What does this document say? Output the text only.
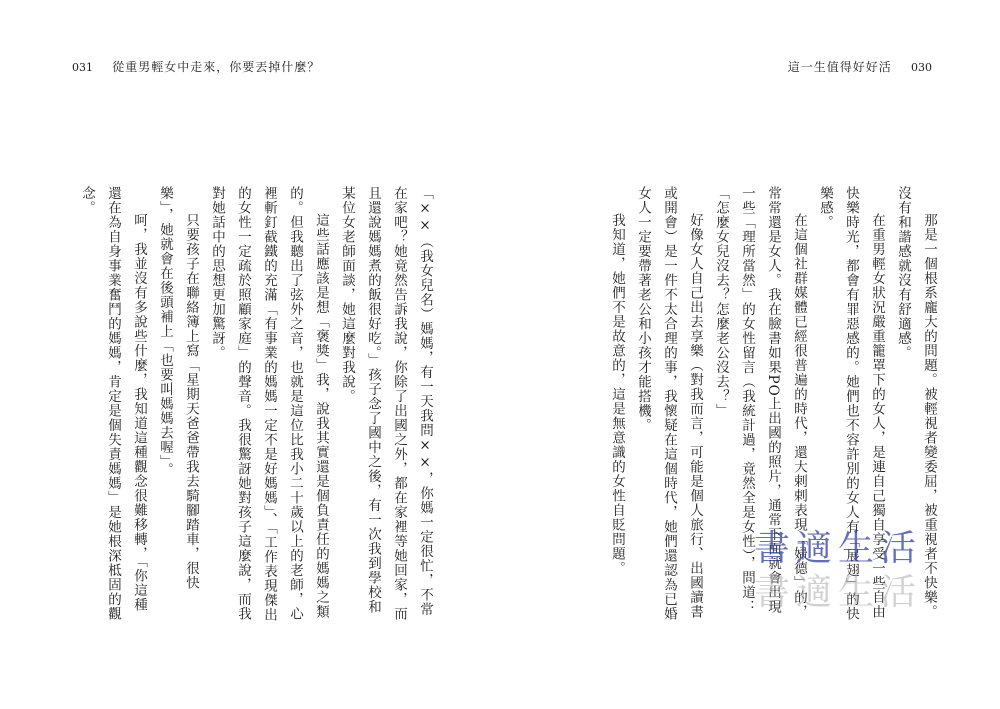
031 從重男輕女中走來，你要丟掉什麼？	這一生值得好好活 030

那是一個根系龐大的問題。被輕視者變委屈，被重視者不快樂。沒有和諧感就沒有舒適感。

在重男輕女狀況嚴重籠罩下的女人，是連自己獨自享受一些自由快樂時光，都會有罪惡感的。她們也不容許別的女人有「展翅」的快樂感。

在這個社群媒體已經很普遍的時代，還大剌剌表現「婦德」的，常常還是女人。我在臉書如果PO上出國的照片，通常下面就會出現一些「理所當然」的女性留言（我統計過，竟然全是女性），問道：「怎麼女兒沒去？怎麼老公沒去？」

好像女人自己出去享樂（對我而言，可能是個人旅行、出國讀書或開會）是一件不太合理的事，我懷疑在這個時代，她們還認為已婚女人一定要帶著老公和小孩才能搭機。

我知道，她們不是故意的，這是無意識的女性自貶問題。

「××（我女兒名）媽媽，有一天我問××，你媽一定很忙，不常在家吧？她竟然告訴我說，你除了出國之外，都在家裡等她回家，而且還說媽媽煮的飯很好吃。」孩子念了國中之後，有一次我到學校和某位女老師面談，她這麼對我說。

這些話應該是想「褒獎」我，說我其實還是個負責任的媽媽之類的。但我聽出了弦外之音，也就是這位比我小二十歲以上的老師，心裡斬釘截鐵的充滿「有事業的媽媽一定不是好媽媽」、「工作表現傑出的女性一定疏於照顧家庭」的聲音。我很驚訝她對孩子這麼說，而我對她話中的思想更加驚訝。

只要孩子在聯絡簿上寫「星期天爸爸帶我去騎腳踏車，很快樂」，她就會在後頭補上「也要叫媽媽去喔」。

呵，我並沒有多說些什麼，我知道這種觀念很難移轉，「你這種還在為自身事業奮鬥的媽媽，肯定是個失責媽媽」是她根深柢固的觀念。

書適生活
書適生活
